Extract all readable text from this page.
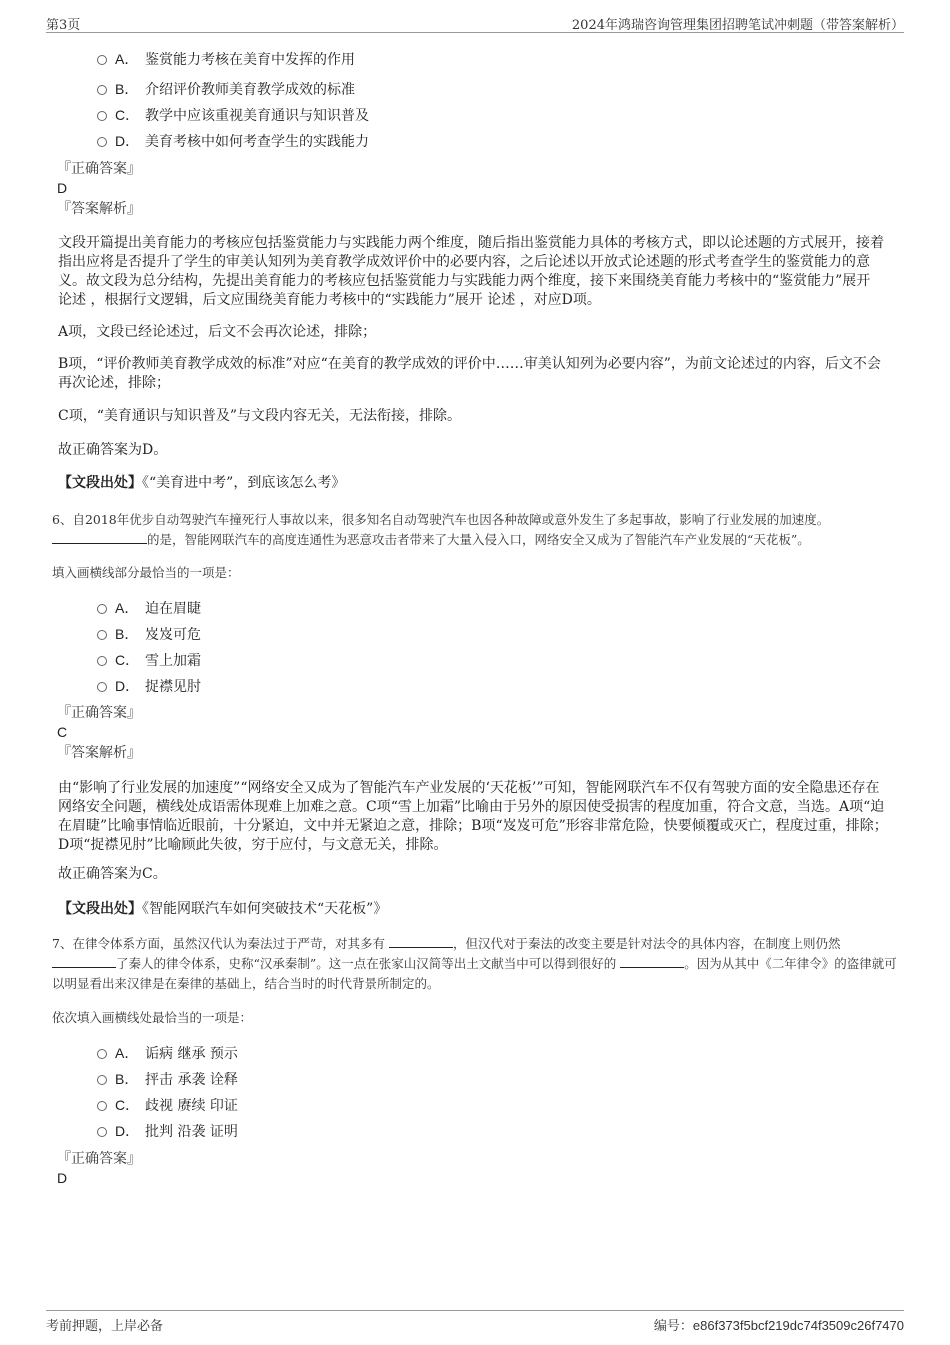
第3页	2024年鸿瑞咨询管理集团招聘笔试冲刺题（带答案解析）
A． 鉴赏能力考核在美育中发挥的作用
B． 介绍评价教师美育教学成效的标准
C． 教学中应该重视美育通识与知识普及
D． 美育考核中如何考查学生的实践能力
『正确答案』
D
『答案解析』
文段开篇提出美育能力的考核应包括鉴赏能力与实践能力两个维度，随后指出鉴赏能力具体的考核方式，即以论述题的方式展开，接着指出应将是否提升了学生的审美认知列为美育教学成效评价中的必要内容，之后论述以开放式论述题的形式考查学生的鉴赏能力的意义。故文段为总分结构，先提出美育能力的考核应包括鉴赏能力与实践能力两个维度，接下来围绕美育能力考核中的“鉴赏能力”展开 论述 ，根据行文逻辑，后文应围绕美育能力考核中的“实践能力”展开 论述 ，对应D项。
A项，文段已经论述过，后文不会再次论述，排除；
B项，“评价教师美育教学成效的标准”对应“在美育的教学成效的评价中……审美认知列为必要内容”，为前文论述过的内容，后文不会再次论述，排除；
C项，“美育通识与知识普及”与文段内容无关，无法衔接，排除。
故正确答案为D。
【文段出处】《“美育进中考”，到底该怎么考》
6、自2018年优步自动驾驶汽车撞死行人事故以来，很多知名自动驾驶汽车也因各种故障或意外发生了多起事故，影响了行业发展的加速度。
的是，智能网联汽车的高度连通性为恶意攻击者带来了大量入侵入口，网络安全又成为了智能汽车产业发展的“天花板”。
填入画横线部分最恰当的一项是：
A． 迫在眉睫
B． 岌岌可危
C． 雪上加霜
D． 捉襟见肘
『正确答案』
C
『答案解析』
由“影响了行业发展的加速度”“网络安全又成为了智能汽车产业发展的‘天花板’”可知，智能网联汽车不仅有驾驶方面的安全隐患还存在网络安全问题，横线处成语需体现难上加难之意。C项“雪上加霜”比喻由于另外的原因使受损害的程度加重，符合文意，当选。A项“迫在眉睫”比喻事情临近眼前，十分紧迫，文中并无紧迫之意，排除；B项“岌岌可危”形容非常危险，快要倾覆或灭亡，程度过重，排除；D项“捉襟见肘”比喻顾此失彼，穷于应付，与文意无关，排除。
故正确答案为C。
【文段出处】《智能网联汽车如何突破技术“天花板”》
7、在律令体系方面，虽然汉代认为秦法过于严苛，对其多有	，但汉代对于秦法的改变主要是针对法令的具体内容，在制度上则仍然 了秦人的律令体系，史称“汉承秦制”。这一点在张家山汉简等出土文献当中可以得到很好的	。因为从其中《二年律令》的盗律就可以明显看出来汉律是在秦律的基础上，结合当时的时代背景所制定的。
依次填入画横线处最恰当的一项是：
A． 诟病 继承 预示
B． 抨击 承袭 诠释
C． 歧视 赓续 印证
D． 批判 沿袭 证明
『正确答案』
D
考前押题，上岸必备	编号：e86f373f5bcf219dc74f3509c26f7470
